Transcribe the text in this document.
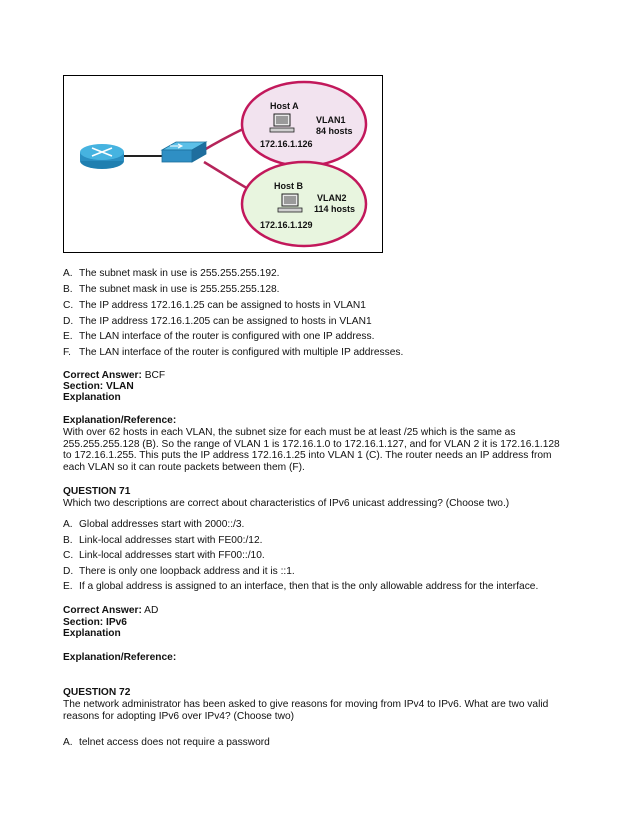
Host A
VLAN1
84 hosts
172.16.1.126
Host B
VLAN2
114 hosts
172.16.1.129
A. The subnet mask in use is 255.255.255.192.
B. The subnet mask in use is 255.255.255.128.
C. The IP address 172.16.1.25 can be assigned to hosts in VLAN1
D. The IP address 172.16.1.205 can be assigned to hosts in VLAN1
E. The LAN interface of the router is configured with one IP address.
F. The LAN interface of the router is configured with multiple IP addresses.
Correct Answer: BCF
Section: VLAN
Explanation
Explanation/Reference:
With over 62 hosts in each VLAN, the subnet size for each must be at least /25 which is the same as
255.255.255.128 (B). So the range of VLAN 1 is 172.16.1.0 to 172.16.1.127, and for VLAN 2 it is 172.16.1.128
to 172.16.1.255. This puts the IP address 172.16.1.25 into VLAN 1 (C). The router needs an IP address from
each VLAN so it can route packets between them (F).
QUESTION 71
Which two descriptions are correct about characteristics of IPv6 unicast addressing? (Choose two.)
A. Global addresses start with 2000::/3.
B. Link-local addresses start with FE00:/12.
C. Link-local addresses start with FF00::/10.
D. There is only one loopback address and it is ::1.
E. If a global address is assigned to an interface, then that is the only allowable address for the interface.
Correct Answer: AD
Section: IPv6
Explanation
Explanation/Reference:
QUESTION 72
The network administrator has been asked to give reasons for moving from IPv4 to IPv6. What are two valid
reasons for adopting IPv6 over IPv4? (Choose two)
A. telnet access does not require a password
